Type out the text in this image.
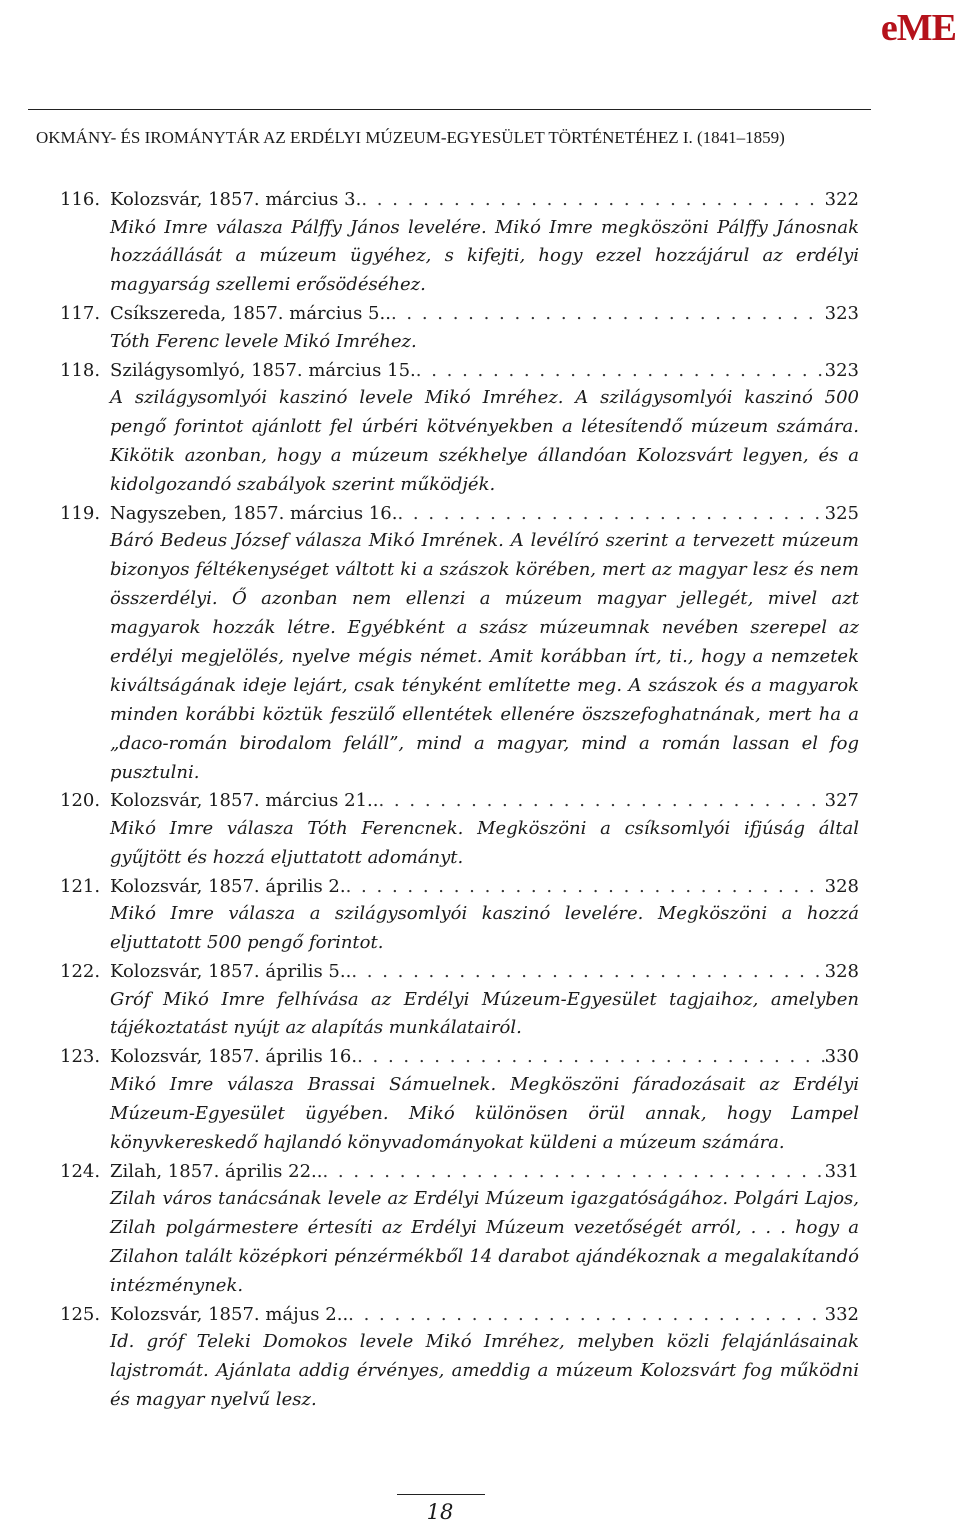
eME
OKMÁNY- ÉS IROMÁNYTÁR AZ ERDÉLYI MÚZEUM-EGYESÜLET TÖRTÉNETÉHEZ I. (1841–1859)
116. Kolozsvár, 1857. március 3. . . .	322
Mikó Imre válasza Pálffy János levelére. Mikó Imre megköszöni Pálffy Jánosnak hozzáállását a múzeum ügyéhez, s kifejti, hogy ezzel hozzájárul az erdélyi magyarság szellemi erősödéséhez.
117. Csíkszereda, 1857. március 5.. . . .	323
Tóth Ferenc levele Mikó Imréhez.
118. Szilágysomlyó, 1857. március 15. . . .	323
A szilágysomlyói kaszinó levele Mikó Imréhez. A szilágysomlyói kaszinó 500 pengő forintot ajánlott fel úrbéri kötvényekben a létesítendő múzeum számára. Kikötik azonban, hogy a múzeum székhelye állandóan Kolozsvárt legyen, és a kidolgozandó szabályok szerint működjék.
119. Nagyszeben, 1857. március 16. . . .	325
Báró Bedeus József válasza Mikó Imrének. A levélíró szerint a tervezett múzeum bizonyos féltékenységet váltott ki a szászok körében, mert az magyar lesz és nem összerdélyi. Ő azonban nem ellenzi a múzeum magyar jellegét, mivel azt magyarok hozzák létre. Egyébként a szász múzeumnak nevében szerepel az erdélyi megjelölés, nyelve mégis német. Amit korábban írt, ti., hogy a nemzetek kiváltságának ideje lejárt, csak tényként említette meg. A szászok és a magyarok minden korábbi köztük feszülő ellentétek ellenére öszszefoghatnának, mert ha a „daco-román birodalom feláll”, mind a magyar, mind a román lassan el fog pusztulni.
120. Kolozsvár, 1857. március 21.. . . .	327
Mikó Imre válasza Tóth Ferencnek. Megköszöni a csíksomlyói ifjúság által gyűjtött és hozzá eljuttatott adományt.
121. Kolozsvár, 1857. április 2. . . .	328
Mikó Imre válasza a szilágysomlyói kaszinó levelére. Megköszöni a hozzá eljuttatott 500 pengő forintot.
122. Kolozsvár, 1857. április 5.. . . .	328
Gróf Mikó Imre felhívása az Erdélyi Múzeum-Egyesület tagjaihoz, amelyben tájékoztatást nyújt az alapítás munkálatairól.
123. Kolozsvár, 1857. április 16. . . .	330
Mikó Imre válasza Brassai Sámuelnek. Megköszöni fáradozásait az Erdélyi Múzeum-Egyesület ügyében. Mikó különösen örül annak, hogy Lampel könyvkereskedő hajlandó könyvadományokat küldeni a múzeum számára.
124. Zilah, 1857. április 22.. . . .	331
Zilah város tanácsának levele az Erdélyi Múzeum igazgatóságához. Polgári Lajos, Zilah polgármestere értesíti az Erdélyi Múzeum vezetőségét arról, . . . hogy a Zilahon talált középkori pénzérmékből 14 darabot ajándékoznak a megalakítandó intézménynek.
125. Kolozsvár, 1857. május 2.. . . .	332
Id. gróf Teleki Domokos levele Mikó Imréhez, melyben közli felajánlásainak lajstromát. Ajánlata addig érvényes, ameddig a múzeum Kolozsvárt fog működni és magyar nyelvű lesz.
18
